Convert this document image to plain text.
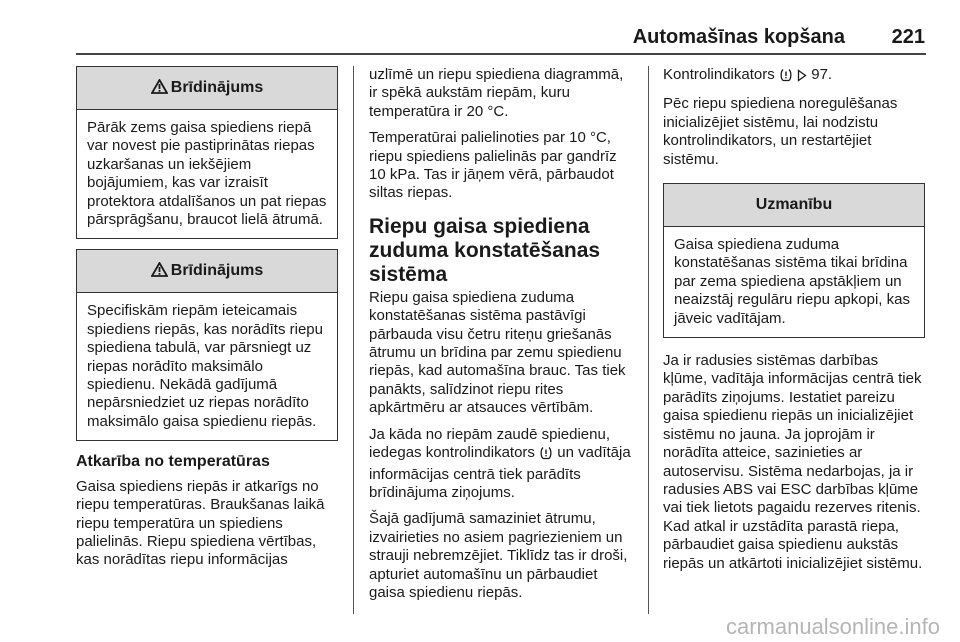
Automašīnas kopšana	221
Brīdinājums
Pārāk zems gaisa spiediens riepā var novest pie pastiprinātas riepas uzkaršanas un iekšējiem bojājumiem, kas var izraisīt protektora atdalīšanos un pat riepas pārsprāgšanu, braucot lielā ātrumā.
Brīdinājums
Specifiskām riepām ieteicamais spiediens riepās, kas norādīts riepu spiediena tabulā, var pārsniegt uz riepas norādīto maksimālo spiedienu. Nekādā gadījumā nepārsniedziet uz riepas norādīto maksimālo gaisa spiedienu riepās.
Atkarība no temperatūras

Gaisa spiediens riepās ir atkarīgs no riepu temperatūras. Braukšanas laikā riepu temperatūra un spiediens palielinās. Riepu spiediena vērtības, kas norādītas riepu informācijas

uzlīmē un riepu spiediena diagrammā, ir spēkā aukstām riepām, kuru temperatūra ir 20 °C.

Temperatūrai palielinoties par 10 °C, riepu spiediens palielinās par gandrīz 10 kPa. Tas ir jāņem vērā, pārbaudot siltas riepas.

Riepu gaisa spiediena zuduma konstatēšanas sistēma

Riepu gaisa spiediena zuduma konstatēšanas sistēma pastāvīgi pārbauda visu četru riteņu griešanās ātrumu un brīdina par zemu spiedienu riepās, kad automašīna brauc. Tas tiek panākts, salīdzinot riepu rites apkārtmēru ar atsauces vērtībām.

Ja kāda no riepām zaudē spiedienu, iedegas kontrolindikators un vadītāja informācijas centrā tiek parādīts brīdinājuma ziņojums.

Šajā gadījumā samaziniet ātrumu, izvairieties no asiem pagriezieniem un strauji nebremzējiet. Tiklīdz tas ir droši, apturiet automašīnu un pārbaudiet gaisa spiedienu riepās.

Kontrolindikators 97.

Pēc riepu spiediena noregulēšanas inicializējiet sistēmu, lai nodzistu kontrolindikators, un restartējiet sistēmu.

Uzmanību
Gaisa spiediena zuduma konstatēšanas sistēma tikai brīdina par zema spiediena apstākļiem un neaizstāj regulāru riepu apkopi, kas jāveic vadītājam.

Ja ir radusies sistēmas darbības kļūme, vadītāja informācijas centrā tiek parādīts ziņojums. Iestatiet pareizu gaisa spiedienu riepās un inicializējiet sistēmu no jauna. Ja joprojām ir norādīta atteice, sazinieties ar autoservisu. Sistēma nedarbojas, ja ir radusies ABS vai ESC darbības kļūme vai tiek lietots pagaidu rezerves ritenis. Kad atkal ir uzstādīta parastā riepa, pārbaudiet gaisa spiedienu aukstās riepās un atkārtoti inicializējiet sistēmu.

carmanualsonline.info
